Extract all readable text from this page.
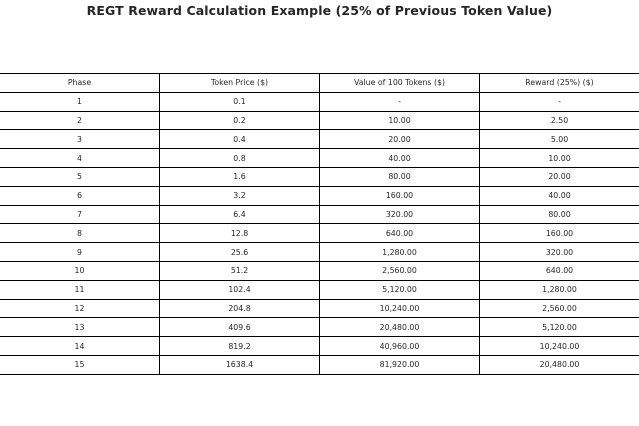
REGT Reward Calculation Example (25% of Previous Token Value)
Phase	Token Price ($)	Value of 100 Tokens ($)	Reward (25%) ($)
1	0.1	-	-
2	0.2	10.00	2.50
3	0.4	20.00	5.00
4	0.8	40.00	10.00
5	1.6	80.00	20.00
6	3.2	160.00	40.00
7	6.4	320.00	80.00
8	12.8	640.00	160.00
9	25.6	1,280.00	320.00
10	51.2	2,560.00	640.00
11	102.4	5,120.00	1,280.00
12	204.8	10,240.00	2,560.00
13	409.6	20,480.00	5,120.00
14	819.2	40,960.00	10,240.00
15	1638.4	81,920.00	20,480.00
